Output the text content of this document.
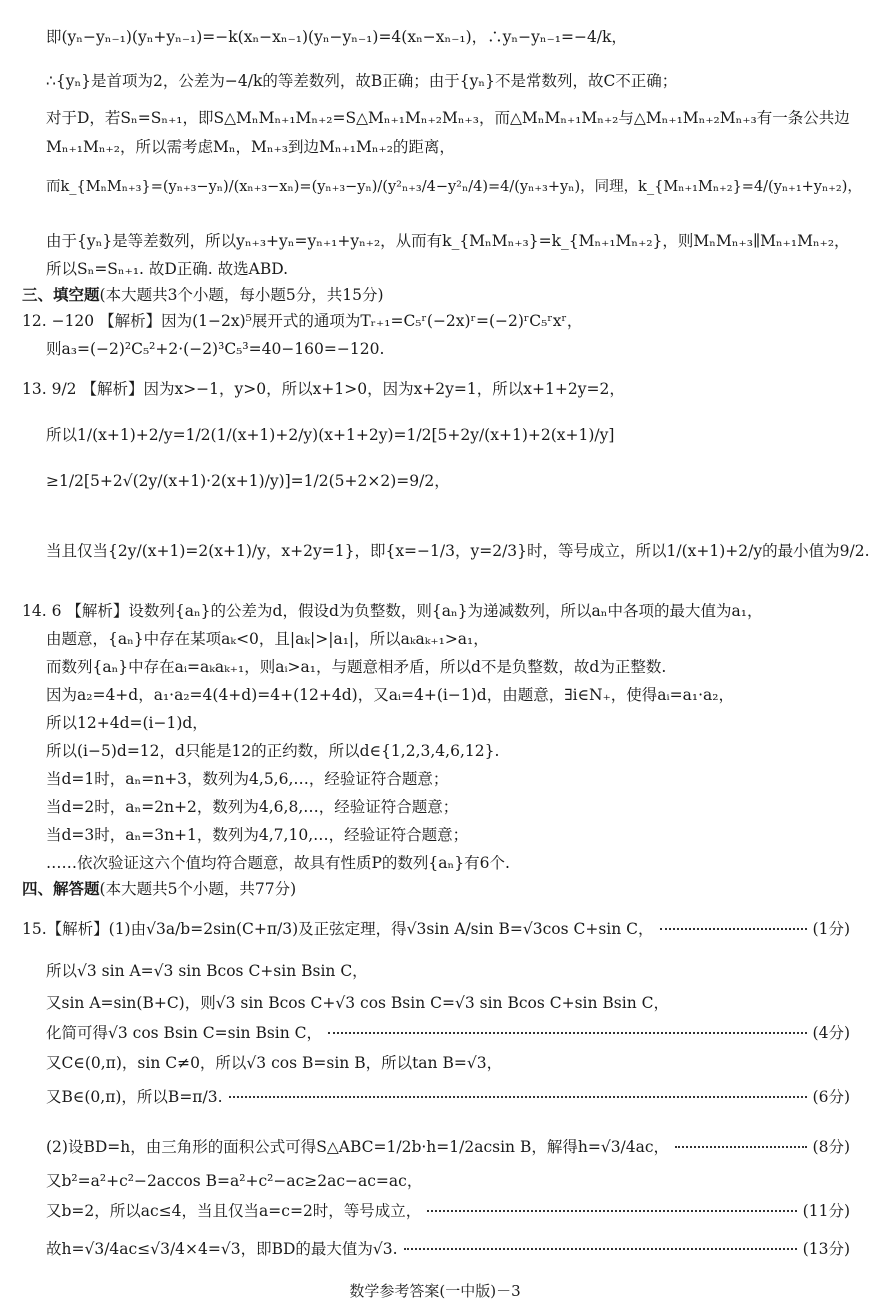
即(yₙ−yₙ₋₁)(yₙ+yₙ₋₁)=−k(xₙ−xₙ₋₁)(yₙ−yₙ₋₁)=4(xₙ−xₙ₋₁)，∴yₙ−yₙ₋₁=−4/k，
∴{yₙ}是首项为2，公差为−4/k的等差数列，故B正确；由于{yₙ}不是常数列，故C不正确；
对于D，若Sₙ=Sₙ₊₁，即S△MₙMₙ₊₁Mₙ₊₂=S△Mₙ₊₁Mₙ₊₂Mₙ₊₃，而△MₙMₙ₊₁Mₙ₊₂与△Mₙ₊₁Mₙ₊₂Mₙ₊₃有一条公共边
Mₙ₊₁Mₙ₊₂，所以需考虑Mₙ，Mₙ₊₃到边Mₙ₊₁Mₙ₊₂的距离，
而k_{MₙMₙ₊₃}=(yₙ₊₃−yₙ)/(xₙ₊₃−xₙ)=(yₙ₊₃−yₙ)/(y²ₙ₊₃/4−y²ₙ/4)=4/(yₙ₊₃+yₙ)，同理，k_{Mₙ₊₁Mₙ₊₂}=4/(yₙ₊₁+yₙ₊₂)，
由于{yₙ}是等差数列，所以yₙ₊₃+yₙ=yₙ₊₁+yₙ₊₂，从而有k_{MₙMₙ₊₃}=k_{Mₙ₊₁Mₙ₊₂}，则MₙMₙ₊₃∥Mₙ₊₁Mₙ₊₂，
所以Sₙ=Sₙ₊₁. 故D正确. 故选ABD.
三、填空题(本大题共3个小题，每小题5分，共15分)
12. −120 【解析】因为(1−2x)⁵展开式的通项为Tᵣ₊₁=C₅ʳ(−2x)ʳ=(−2)ʳC₅ʳxʳ，
则a₃=(−2)²C₅²+2·(−2)³C₅³=40−160=−120.
13. 9/2 【解析】因为x>−1，y>0，所以x+1>0，因为x+2y=1，所以x+1+2y=2，
所以1/(x+1)+2/y=1/2(1/(x+1)+2/y)(x+1+2y)=1/2[5+2y/(x+1)+2(x+1)/y]
≥1/2[5+2√(2y/(x+1)·2(x+1)/y)]=1/2(5+2×2)=9/2，
当且仅当{2y/(x+1)=2(x+1)/y，x+2y=1}，即{x=−1/3，y=2/3}时，等号成立，所以1/(x+1)+2/y的最小值为9/2.
14. 6 【解析】设数列{aₙ}的公差为d，假设d为负整数，则{aₙ}为递减数列，所以aₙ中各项的最大值为a₁，
由题意，{aₙ}中存在某项aₖ<0，且|aₖ|>|a₁|，所以aₖaₖ₊₁>a₁，
而数列{aₙ}中存在aᵢ=aₖaₖ₊₁，则aᵢ>a₁，与题意相矛盾，所以d不是负整数，故d为正整数.
因为a₂=4+d，a₁·a₂=4(4+d)=4+(12+4d)，又aᵢ=4+(i−1)d，由题意，∃i∈N₊，使得aᵢ=a₁·a₂，
所以12+4d=(i−1)d，
所以(i−5)d=12，d只能是12的正约数，所以d∈{1,2,3,4,6,12}.
当d=1时，aₙ=n+3，数列为4,5,6,…，经验证符合题意；
当d=2时，aₙ=2n+2，数列为4,6,8,…，经验证符合题意；
当d=3时，aₙ=3n+1，数列为4,7,10,…，经验证符合题意；
……依次验证这六个值均符合题意，故具有性质P的数列{aₙ}有6个.
四、解答题(本大题共5个小题，共77分)
15.【解析】(1)由√3a/b=2sin(C+π/3)及正弦定理，得√3sin A/sin B=√3cos C+sin C，	(1分)
所以√3 sin A=√3 sin Bcos C+sin Bsin C，
又sin A=sin(B+C)，则√3 sin Bcos C+√3 cos Bsin C=√3 sin Bcos C+sin Bsin C，
化简可得√3 cos Bsin C=sin Bsin C，	(4分)
又C∈(0,π)，sin C≠0，所以√3 cos B=sin B，所以tan B=√3，
又B∈(0,π)，所以B=π/3.	(6分)
(2)设BD=h，由三角形的面积公式可得S△ABC=1/2b·h=1/2acsin B，解得h=√3/4ac，	(8分)
又b²=a²+c²−2accos B=a²+c²−ac≥2ac−ac=ac，
又b=2，所以ac≤4，当且仅当a=c=2时，等号成立，	(11分)
故h=√3/4ac≤√3/4×4=√3，即BD的最大值为√3.	(13分)
数学参考答案(一中版)－3
